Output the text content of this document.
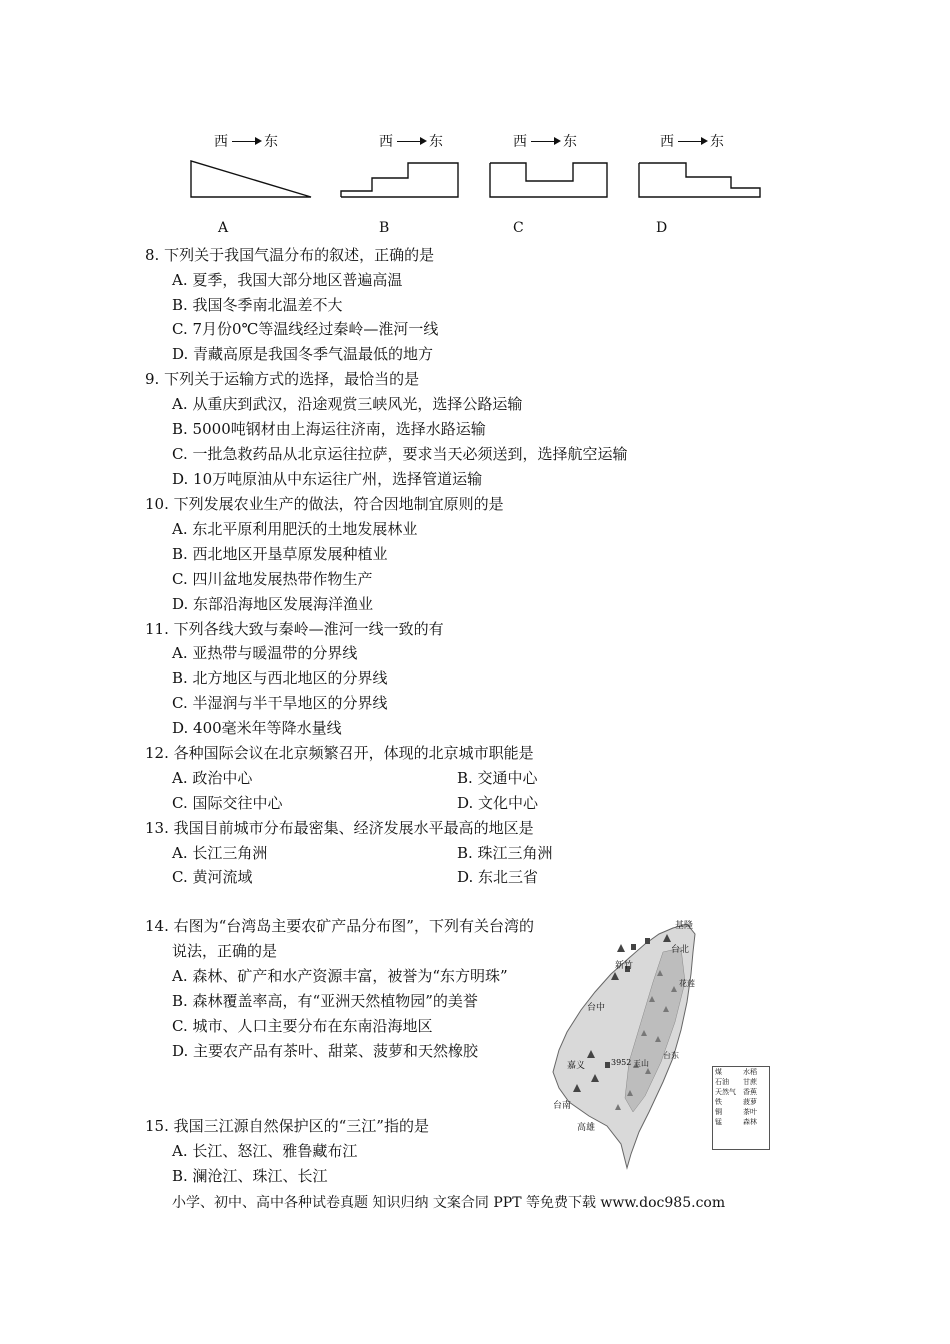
西	东	西	东	西	东	西	东
A	B	C	D
8. 下列关于我国气温分布的叙述，正确的是
A. 夏季，我国大部分地区普遍高温
B. 我国冬季南北温差不大
C. 7月份0℃等温线经过秦岭—淮河一线
D. 青藏高原是我国冬季气温最低的地方
9. 下列关于运输方式的选择，最恰当的是
A. 从重庆到武汉，沿途观赏三峡风光，选择公路运输
B. 5000吨钢材由上海运往济南，选择水路运输
C. 一批急救药品从北京运往拉萨，要求当天必须送到，选择航空运输
D. 10万吨原油从中东运往广州，选择管道运输
10. 下列发展农业生产的做法，符合因地制宜原则的是
A. 东北平原利用肥沃的土地发展林业
B. 西北地区开垦草原发展种植业
C. 四川盆地发展热带作物生产
D. 东部沿海地区发展海洋渔业
11. 下列各线大致与秦岭—淮河一线一致的有
A. 亚热带与暖温带的分界线
B. 北方地区与西北地区的分界线
C. 半湿润与半干旱地区的分界线
D. 400毫米年等降水量线
12. 各种国际会议在北京频繁召开，体现的北京城市职能是
A. 政治中心	B. 交通中心
C. 国际交往中心	D. 文化中心
13. 我国目前城市分布最密集、经济发展水平最高的地区是
A. 长江三角洲	B. 珠江三角洲
C. 黄河流域	D. 东北三省
14. 右图为“台湾岛主要农矿产品分布图”，下列有关台湾的
说法，正确的是
A. 森林、矿产和水产资源丰富，被誉为“东方明珠”
B. 森林覆盖率高，有“亚洲天然植物园”的美誉
C. 城市、人口主要分布在东南沿海地区
D. 主要农产品有茶叶、甜菜、菠萝和天然橡胶
基隆
台北
新竹
台中
花莲
台东
高雄
台南
嘉义	玉山
3952
煤	水稻
石油	甘蔗
天然气	香蕉
铁	菠萝
铜	茶叶
锰	森林
15. 我国三江源自然保护区的“三江”指的是
A. 长江、怒江、雅鲁藏布江
B. 澜沧江、珠江、长江
小学、初中、高中各种试卷真题 知识归纳 文案合同 PPT 等免费下载 www.doc985.com
